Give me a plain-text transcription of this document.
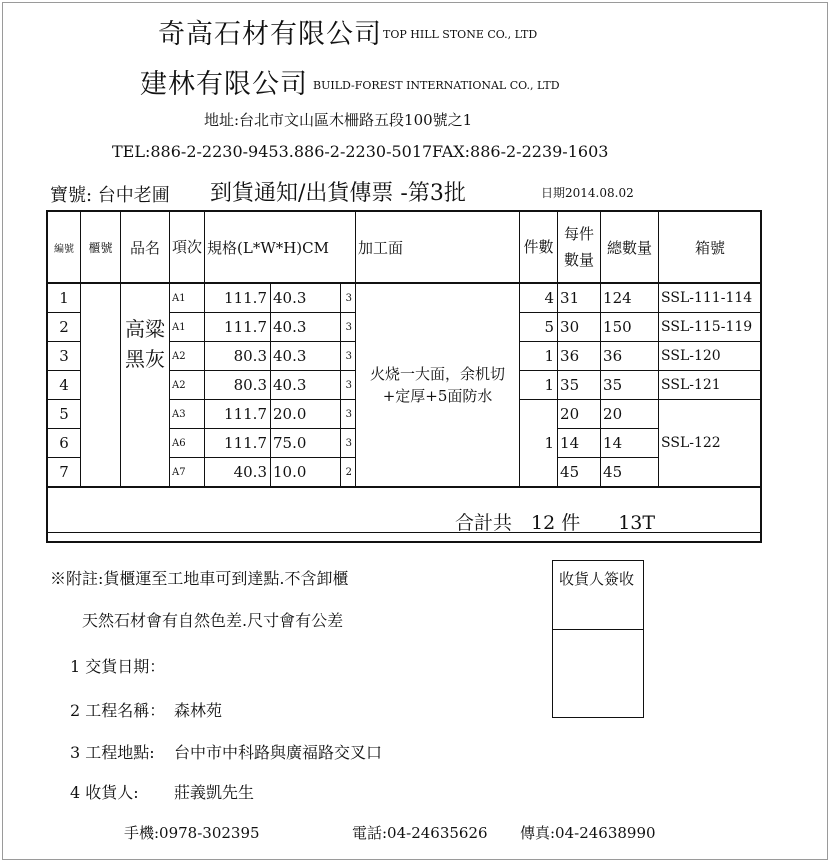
奇高石材有限公司 TOP HILL STONE CO., LTD
建林有限公司 BUILD-FOREST INTERNATIONAL CO., LTD
地址:台北市文山區木柵路五段100號之1
TEL:886-2-2230-9453.886-2-2230-5017 FAX:886-2-2239-1603
寶號: 台中老圃 到貨通知/出貨傳票 -第3批	日期2014.08.02
編號	櫃號	品名	項次	規格(L*W*H)CM			加工面	件數	每件數量	總數量	箱號
1		高粱黑灰	A1	111.7	40.3	3	火烧一大面，余机切+定厚+5面防水	4	31	124	SSL-111-114
2			A1	111.7	40.3	3		5	30	150	SSL-115-119
3			A2	80.3	40.3	3		1	36	36	SSL-120
4			A2	80.3	40.3	3		1	35	35	SSL-121
5			A3	111.7	20.0	3		1	20	20	SSL-122
6			A6	111.7	75.0	3			14	14	
7			A7	40.3	10.0	2			45	45	

合計共　12 件　　13T
※附註:貨櫃運至工地車可到達點.不含卸櫃
天然石材會有自然色差.尺寸會有公差
收貨人簽收
1 交貨日期：
2 工程名稱： 森林苑
3 工程地點: 台中市中科路與廣福路交叉口
4 收貨人: 莊義凱先生
手機:0978-302395	電話:04-24635626 傳真:04-24638990
